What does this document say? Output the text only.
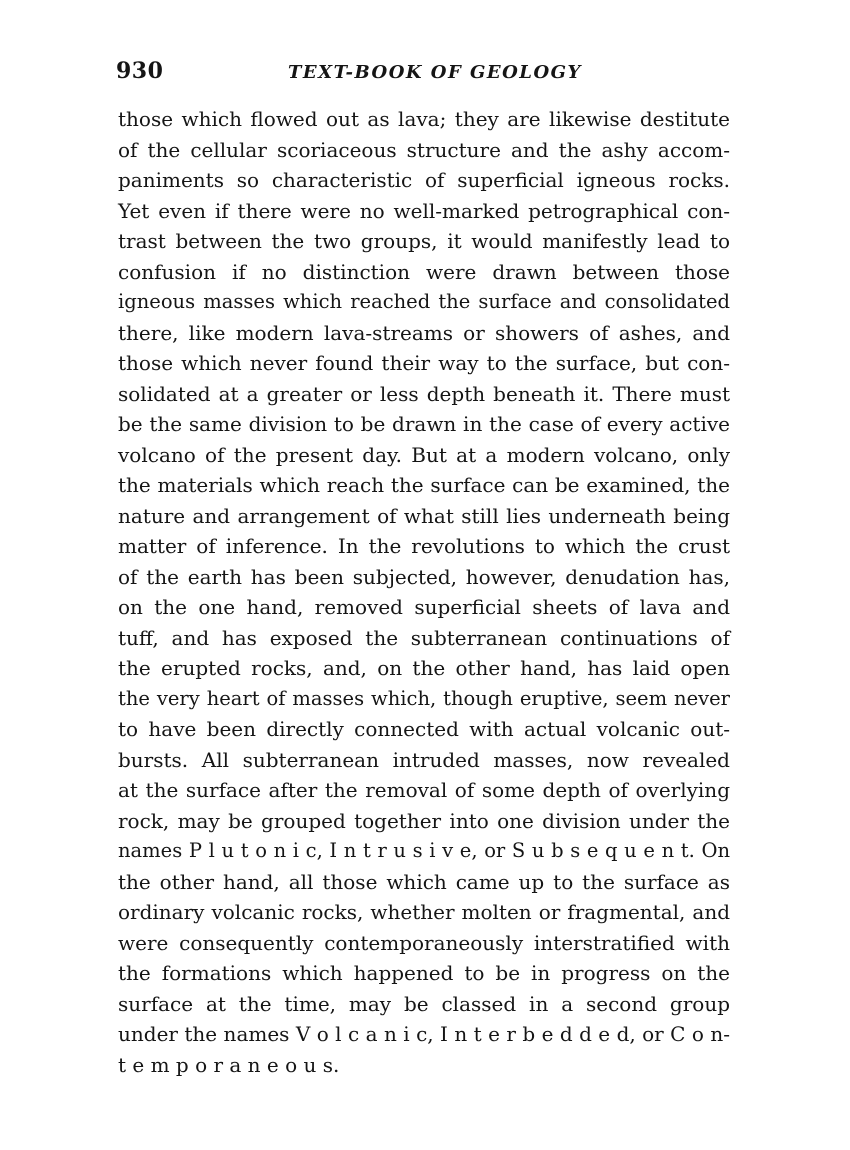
930	TEXT-BOOK OF GEOLOGY
those which flowed out as lava; they are likewise destitute
of the cellular scoriaceous structure and the ashy accom-
paniments so characteristic of superficial igneous rocks.
Yet even if there were no well-marked petrographical con-
trast between the two groups, it would manifestly lead to
confusion if no distinction were drawn between those
igneous masses which reached the surface and consolidated
there, like modern lava-streams or showers of ashes, and
those which never found their way to the surface, but con-
solidated at a greater or less depth beneath it. There must
be the same division to be drawn in the case of every active
volcano of the present day. But at a modern volcano, only
the materials which reach the surface can be examined, the
nature and arrangement of what still lies underneath being
matter of inference. In the revolutions to which the crust
of the earth has been subjected, however, denudation has,
on the one hand, removed superficial sheets of lava and
tuff, and has exposed the subterranean continuations of
the erupted rocks, and, on the other hand, has laid open
the very heart of masses which, though eruptive, seem never
to have been directly connected with actual volcanic out-
bursts. All subterranean intruded masses, now revealed
at the surface after the removal of some depth of overlying
rock, may be grouped together into one division under the
names P l u t o n i c, I n t r u s i v e, or S u b s e q u e n t. On
the other hand, all those which came up to the surface as
ordinary volcanic rocks, whether molten or fragmental, and
were consequently contemporaneously interstratified with
the formations which happened to be in progress on the
surface at the time, may be classed in a second group
under the names V o l c a n i c, I n t e r b e d d e d, or C o n-
t e m p o r a n e o u s.
